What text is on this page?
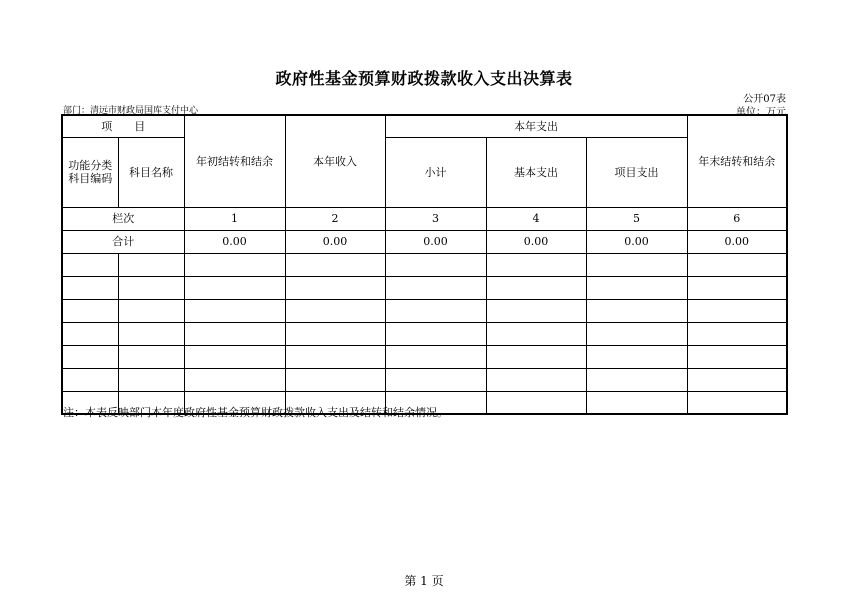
政府性基金预算财政拨款收入支出决算表
公开07表
部门：清远市财政局国库支付中心	单位：万元
项　　目		年初结转和结余	本年收入	本年支出			年末结转和结余
功能分类科目编码	科目名称			小计	基本支出	项目支出	
栏次		1	2	3	4	5	6
合计		0.00	0.00	0.00	0.00	0.00	0.00

注：本表反映部门本年度政府性基金预算财政拨款收入支出及结转和结余情况。
第 1 页
